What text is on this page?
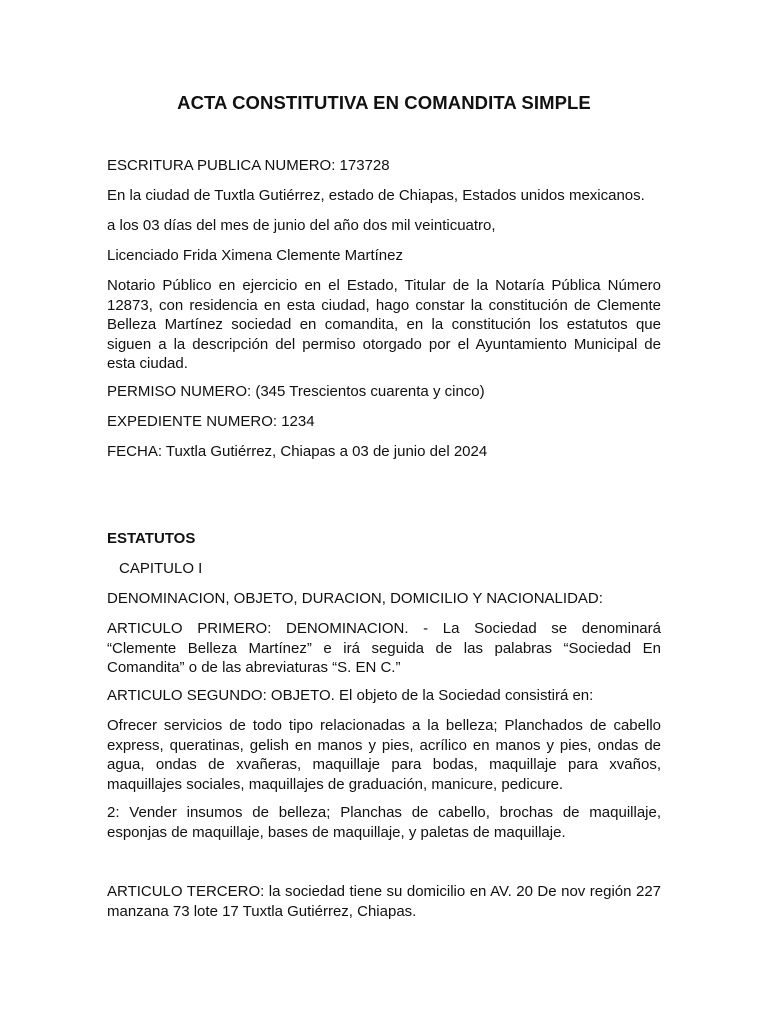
ACTA CONSTITUTIVA EN COMANDITA SIMPLE

ESCRITURA PUBLICA NUMERO: 173728

En la ciudad de Tuxtla Gutiérrez, estado de Chiapas, Estados unidos mexicanos.

a los 03 días del mes de junio del año dos mil veinticuatro,

Licenciado Frida Ximena Clemente Martínez

Notario Público en ejercicio en el Estado, Titular de la Notaría Pública Número 12873, con residencia en esta ciudad, hago constar la constitución de Clemente Belleza Martínez sociedad en comandita, en la constitución los estatutos que siguen a la descripción del permiso otorgado por el Ayuntamiento Municipal de esta ciudad.

PERMISO NUMERO: (345 Trescientos cuarenta y cinco)

EXPEDIENTE NUMERO: 1234

FECHA: Tuxtla Gutiérrez, Chiapas a 03 de junio del 2024

ESTATUTOS

CAPITULO I

DENOMINACION, OBJETO, DURACION, DOMICILIO Y NACIONALIDAD:

ARTICULO PRIMERO: DENOMINACION. - La Sociedad se denominará “Clemente Belleza Martínez” e irá seguida de las palabras “Sociedad En Comandita” o de las abreviaturas “S. EN C.”

ARTICULO SEGUNDO: OBJETO. El objeto de la Sociedad consistirá en:

Ofrecer servicios de todo tipo relacionadas a la belleza; Planchados de cabello express, queratinas, gelish en manos y pies, acrílico en manos y pies, ondas de agua, ondas de xvañeras, maquillaje para bodas, maquillaje para xvaños, maquillajes sociales, maquillajes de graduación, manicure, pedicure.

2: Vender insumos de belleza; Planchas de cabello, brochas de maquillaje, esponjas de maquillaje, bases de maquillaje, y paletas de maquillaje.

ARTICULO TERCERO: la sociedad tiene su domicilio en AV. 20 De nov región 227 manzana 73 lote 17 Tuxtla Gutiérrez, Chiapas.
